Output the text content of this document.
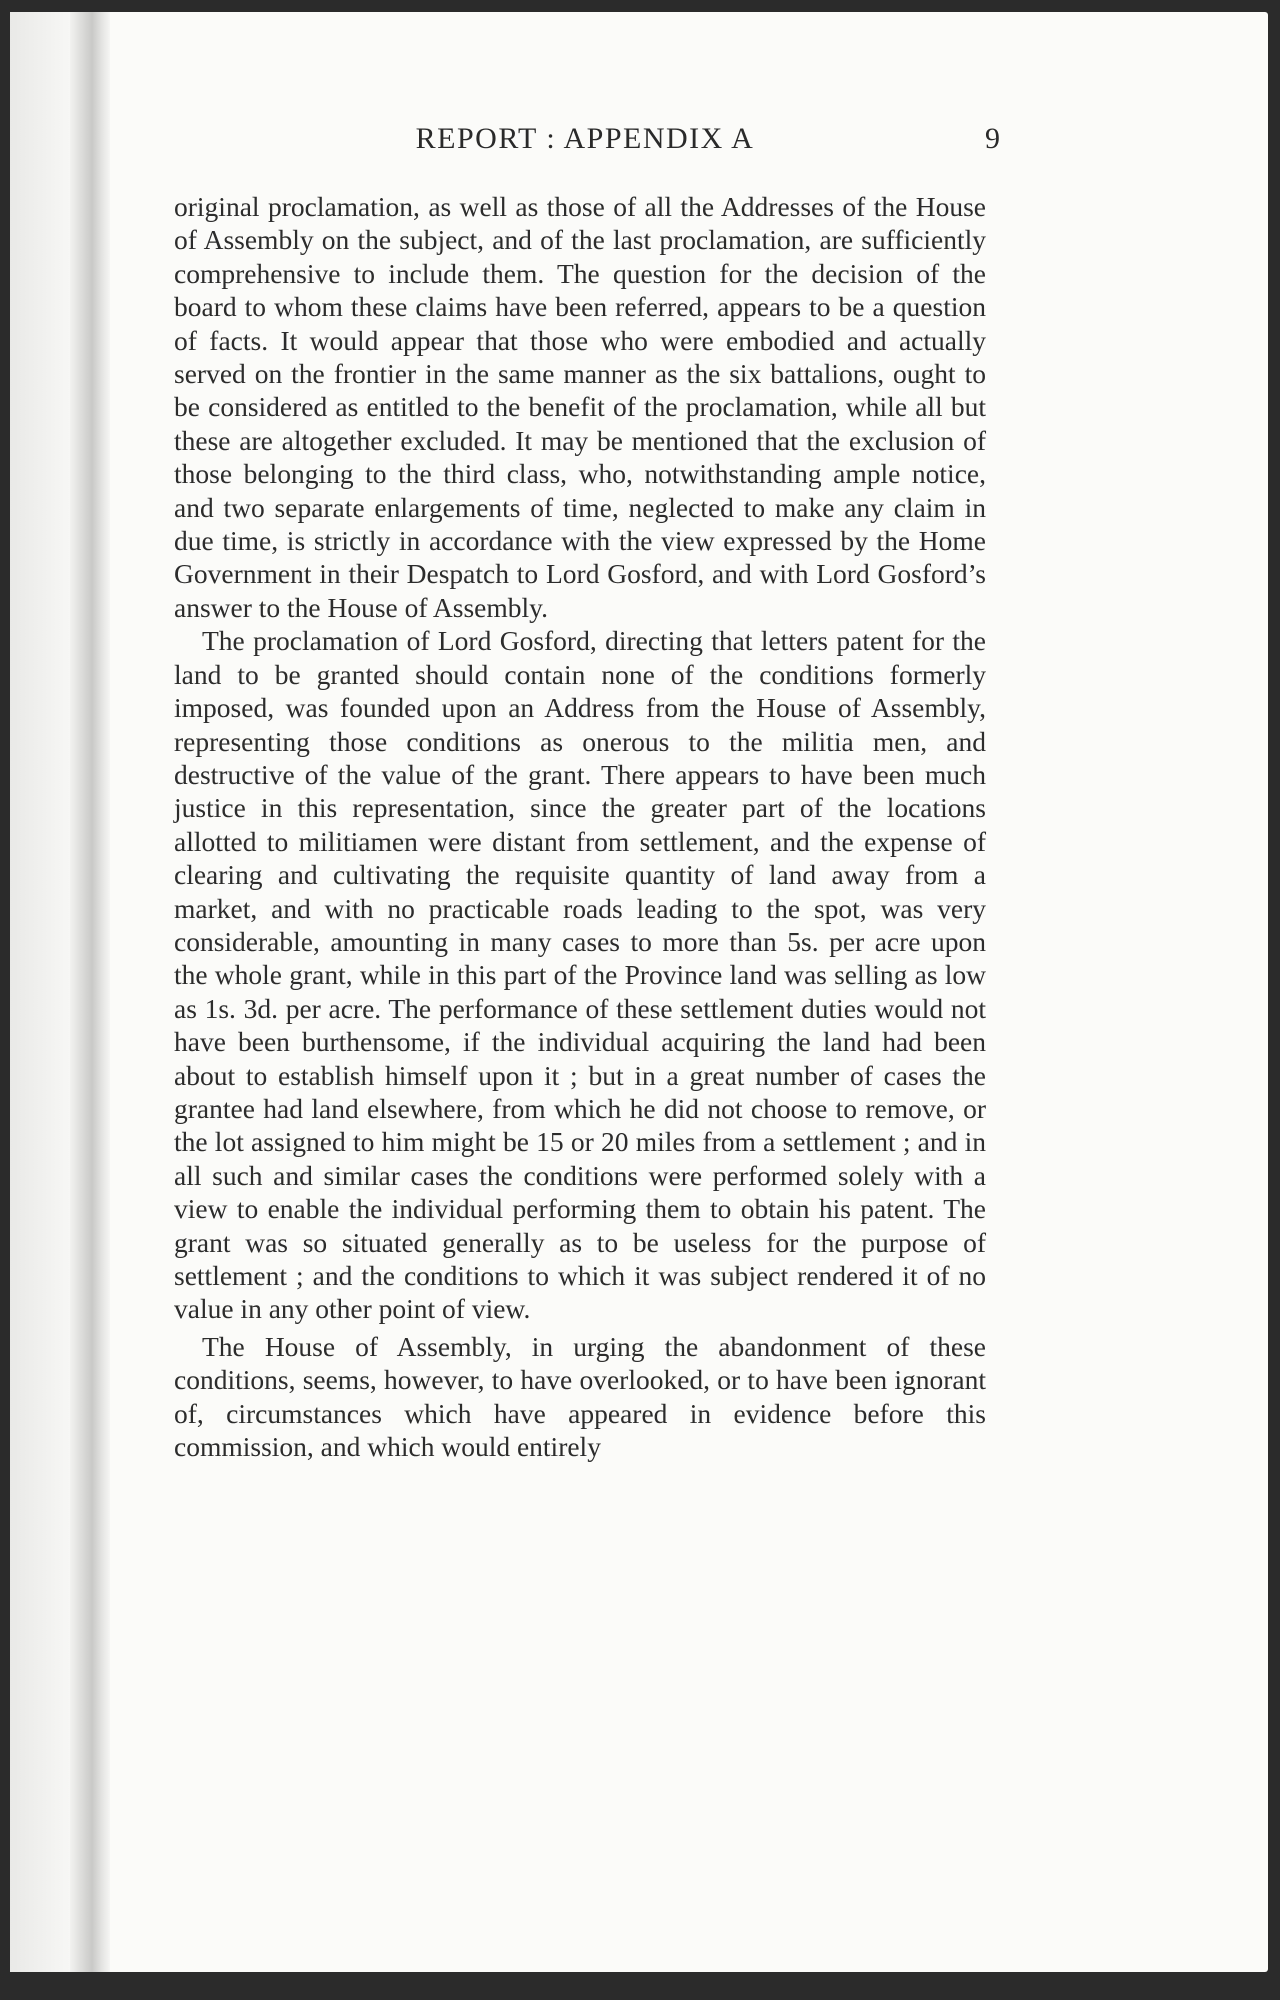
REPORT : APPENDIX A	9

original proclamation, as well as those of all the Addresses of the House of Assembly on the subject, and of the last proclamation, are sufficiently comprehensive to include them. The question for the decision of the board to whom these claims have been referred, appears to be a question of facts. It would appear that those who were embodied and actually served on the frontier in the same manner as the six battalions, ought to be considered as entitled to the benefit of the proclamation, while all but these are altogether excluded. It may be mentioned that the exclusion of those belonging to the third class, who, notwithstanding ample notice, and two separate enlargements of time, neglected to make any claim in due time, is strictly in accordance with the view expressed by the Home Government in their Despatch to Lord Gosford, and with Lord Gosford’s answer to the House of Assembly.

The proclamation of Lord Gosford, directing that letters patent for the land to be granted should contain none of the conditions formerly imposed, was founded upon an Address from the House of Assembly, representing those conditions as onerous to the militia men, and destructive of the value of the grant. There appears to have been much justice in this representation, since the greater part of the locations allotted to militiamen were distant from settlement, and the expense of clearing and cultivating the requisite quantity of land away from a market, and with no practicable roads leading to the spot, was very considerable, amounting in many cases to more than 5s. per acre upon the whole grant, while in this part of the Province land was selling as low as 1s. 3d. per acre. The performance of these settlement duties would not have been burthensome, if the individual acquiring the land had been about to establish himself upon it ; but in a great number of cases the grantee had land elsewhere, from which he did not choose to remove, or the lot assigned to him might be 15 or 20 miles from a settlement ; and in all such and similar cases the conditions were performed solely with a view to enable the individual performing them to obtain his patent. The grant was so situated generally as to be useless for the purpose of settlement ; and the conditions to which it was subject rendered it of no value in any other point of view.

The House of Assembly, in urging the abandonment of these conditions, seems, however, to have overlooked, or to have been ignorant of, circumstances which have appeared in evidence before this commission, and which would entirely
